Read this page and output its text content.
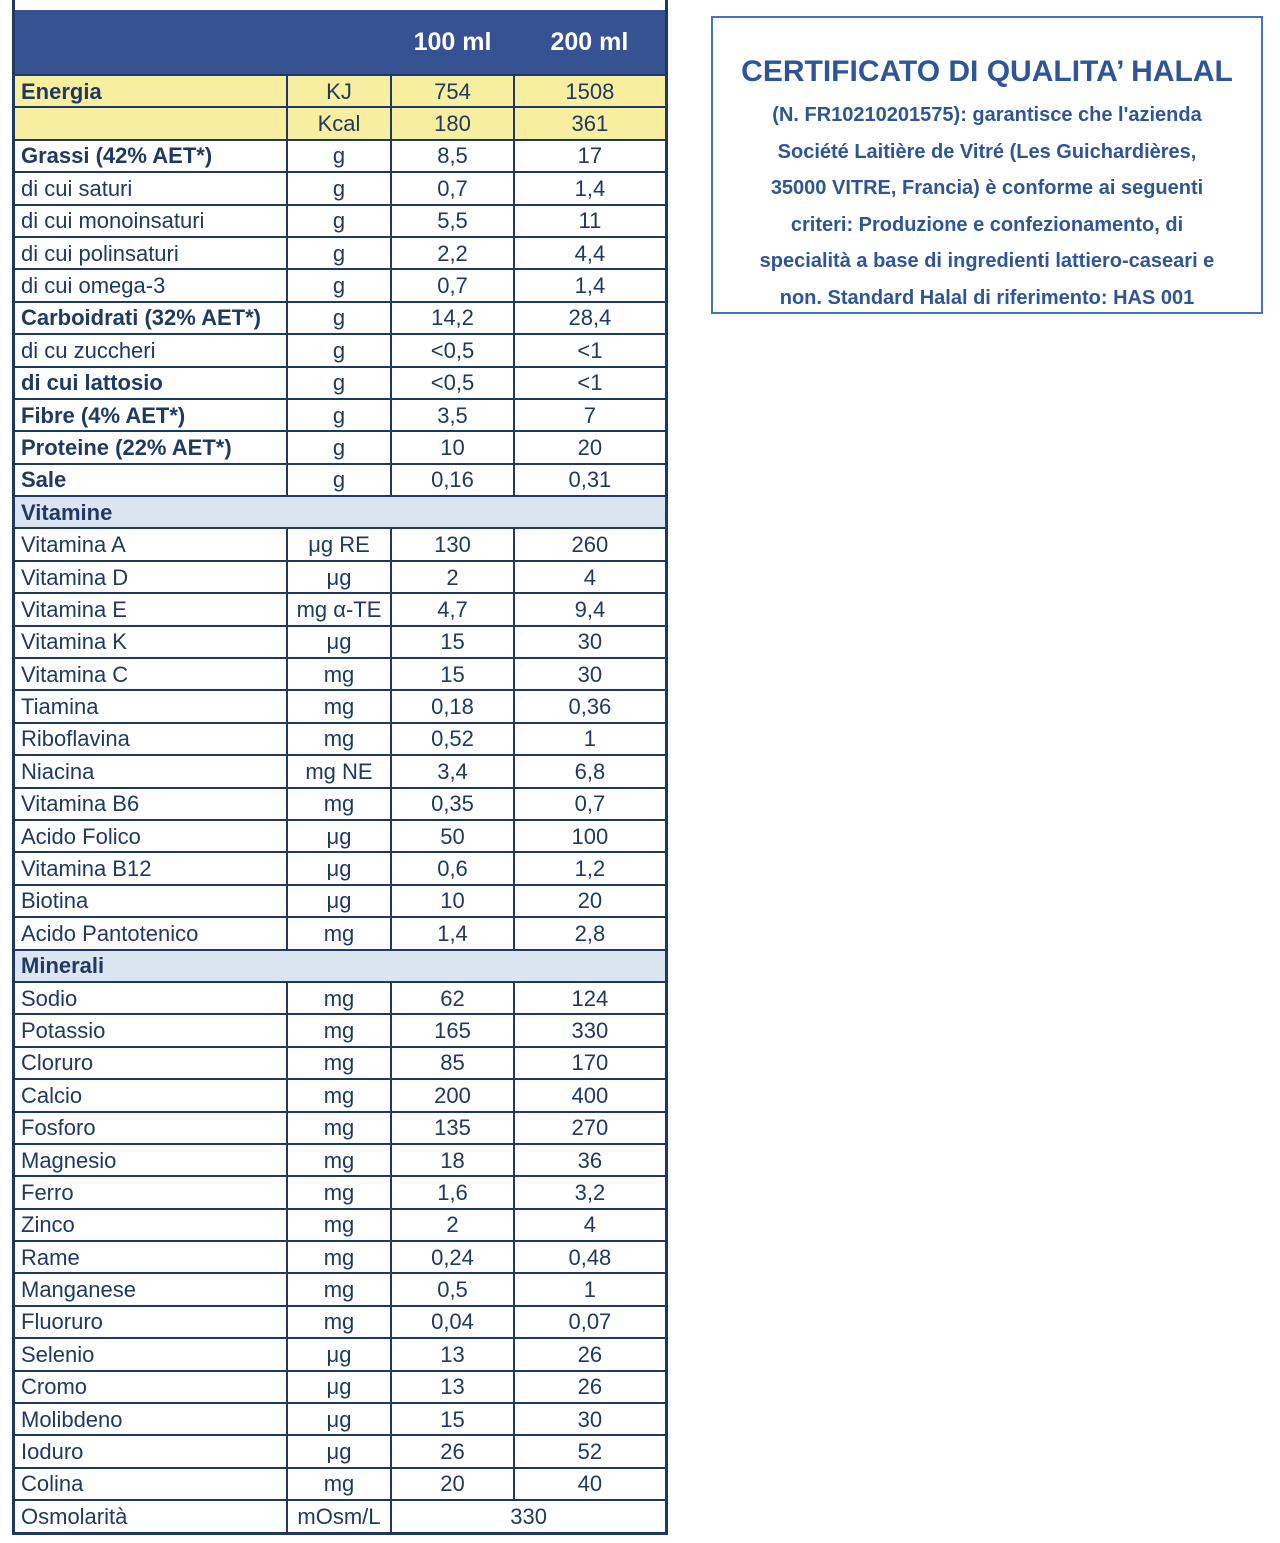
		100 ml	200 ml
Energia	KJ	754	1508
	Kcal	180	361
Grassi (42% AET*)	g	8,5	17
di cui saturi	g	0,7	1,4
di cui monoinsaturi	g	5,5	11
di cui polinsaturi	g	2,2	4,4
di cui omega-3	g	0,7	1,4
Carboidrati (32% AET*)	g	14,2	28,4
di cu zuccheri	g	<0,5	<1
di cui lattosio	g	<0,5	<1
Fibre (4% AET*)	g	3,5	7
Proteine (22% AET*)	g	10	20
Sale	g	0,16	0,31
Vitamine			
Vitamina A	μg RE	130	260
Vitamina D	μg	2	4
Vitamina E	mg α-TE	4,7	9,4
Vitamina K	μg	15	30
Vitamina C	mg	15	30
Tiamina	mg	0,18	0,36
Riboflavina	mg	0,52	1
Niacina	mg NE	3,4	6,8
Vitamina B6	mg	0,35	0,7
Acido Folico	μg	50	100
Vitamina B12	μg	0,6	1,2
Biotina	μg	10	20
Acido Pantotenico	mg	1,4	2,8
Minerali			
Sodio	mg	62	124
Potassio	mg	165	330
Cloruro	mg	85	170
Calcio	mg	200	400
Fosforo	mg	135	270
Magnesio	mg	18	36
Ferro	mg	1,6	3,2
Zinco	mg	2	4
Rame	mg	0,24	0,48
Manganese	mg	0,5	1
Fluoruro	mg	0,04	0,07
Selenio	μg	13	26
Cromo	μg	13	26
Molibdeno	μg	15	30
Ioduro	μg	26	52
Colina	mg	20	40
Osmolarità	mOsm/L	330	
CERTIFICATO DI QUALITA’ HALAL
(N. FR10210201575): garantisce che l'azienda
Société Laitière de Vitré (Les Guichardières,
35000 VITRE, Francia) è conforme ai seguenti
criteri: Produzione e confezionamento, di
specialità a base di ingredienti lattiero-caseari e
non. Standard Halal di riferimento: HAS 001
